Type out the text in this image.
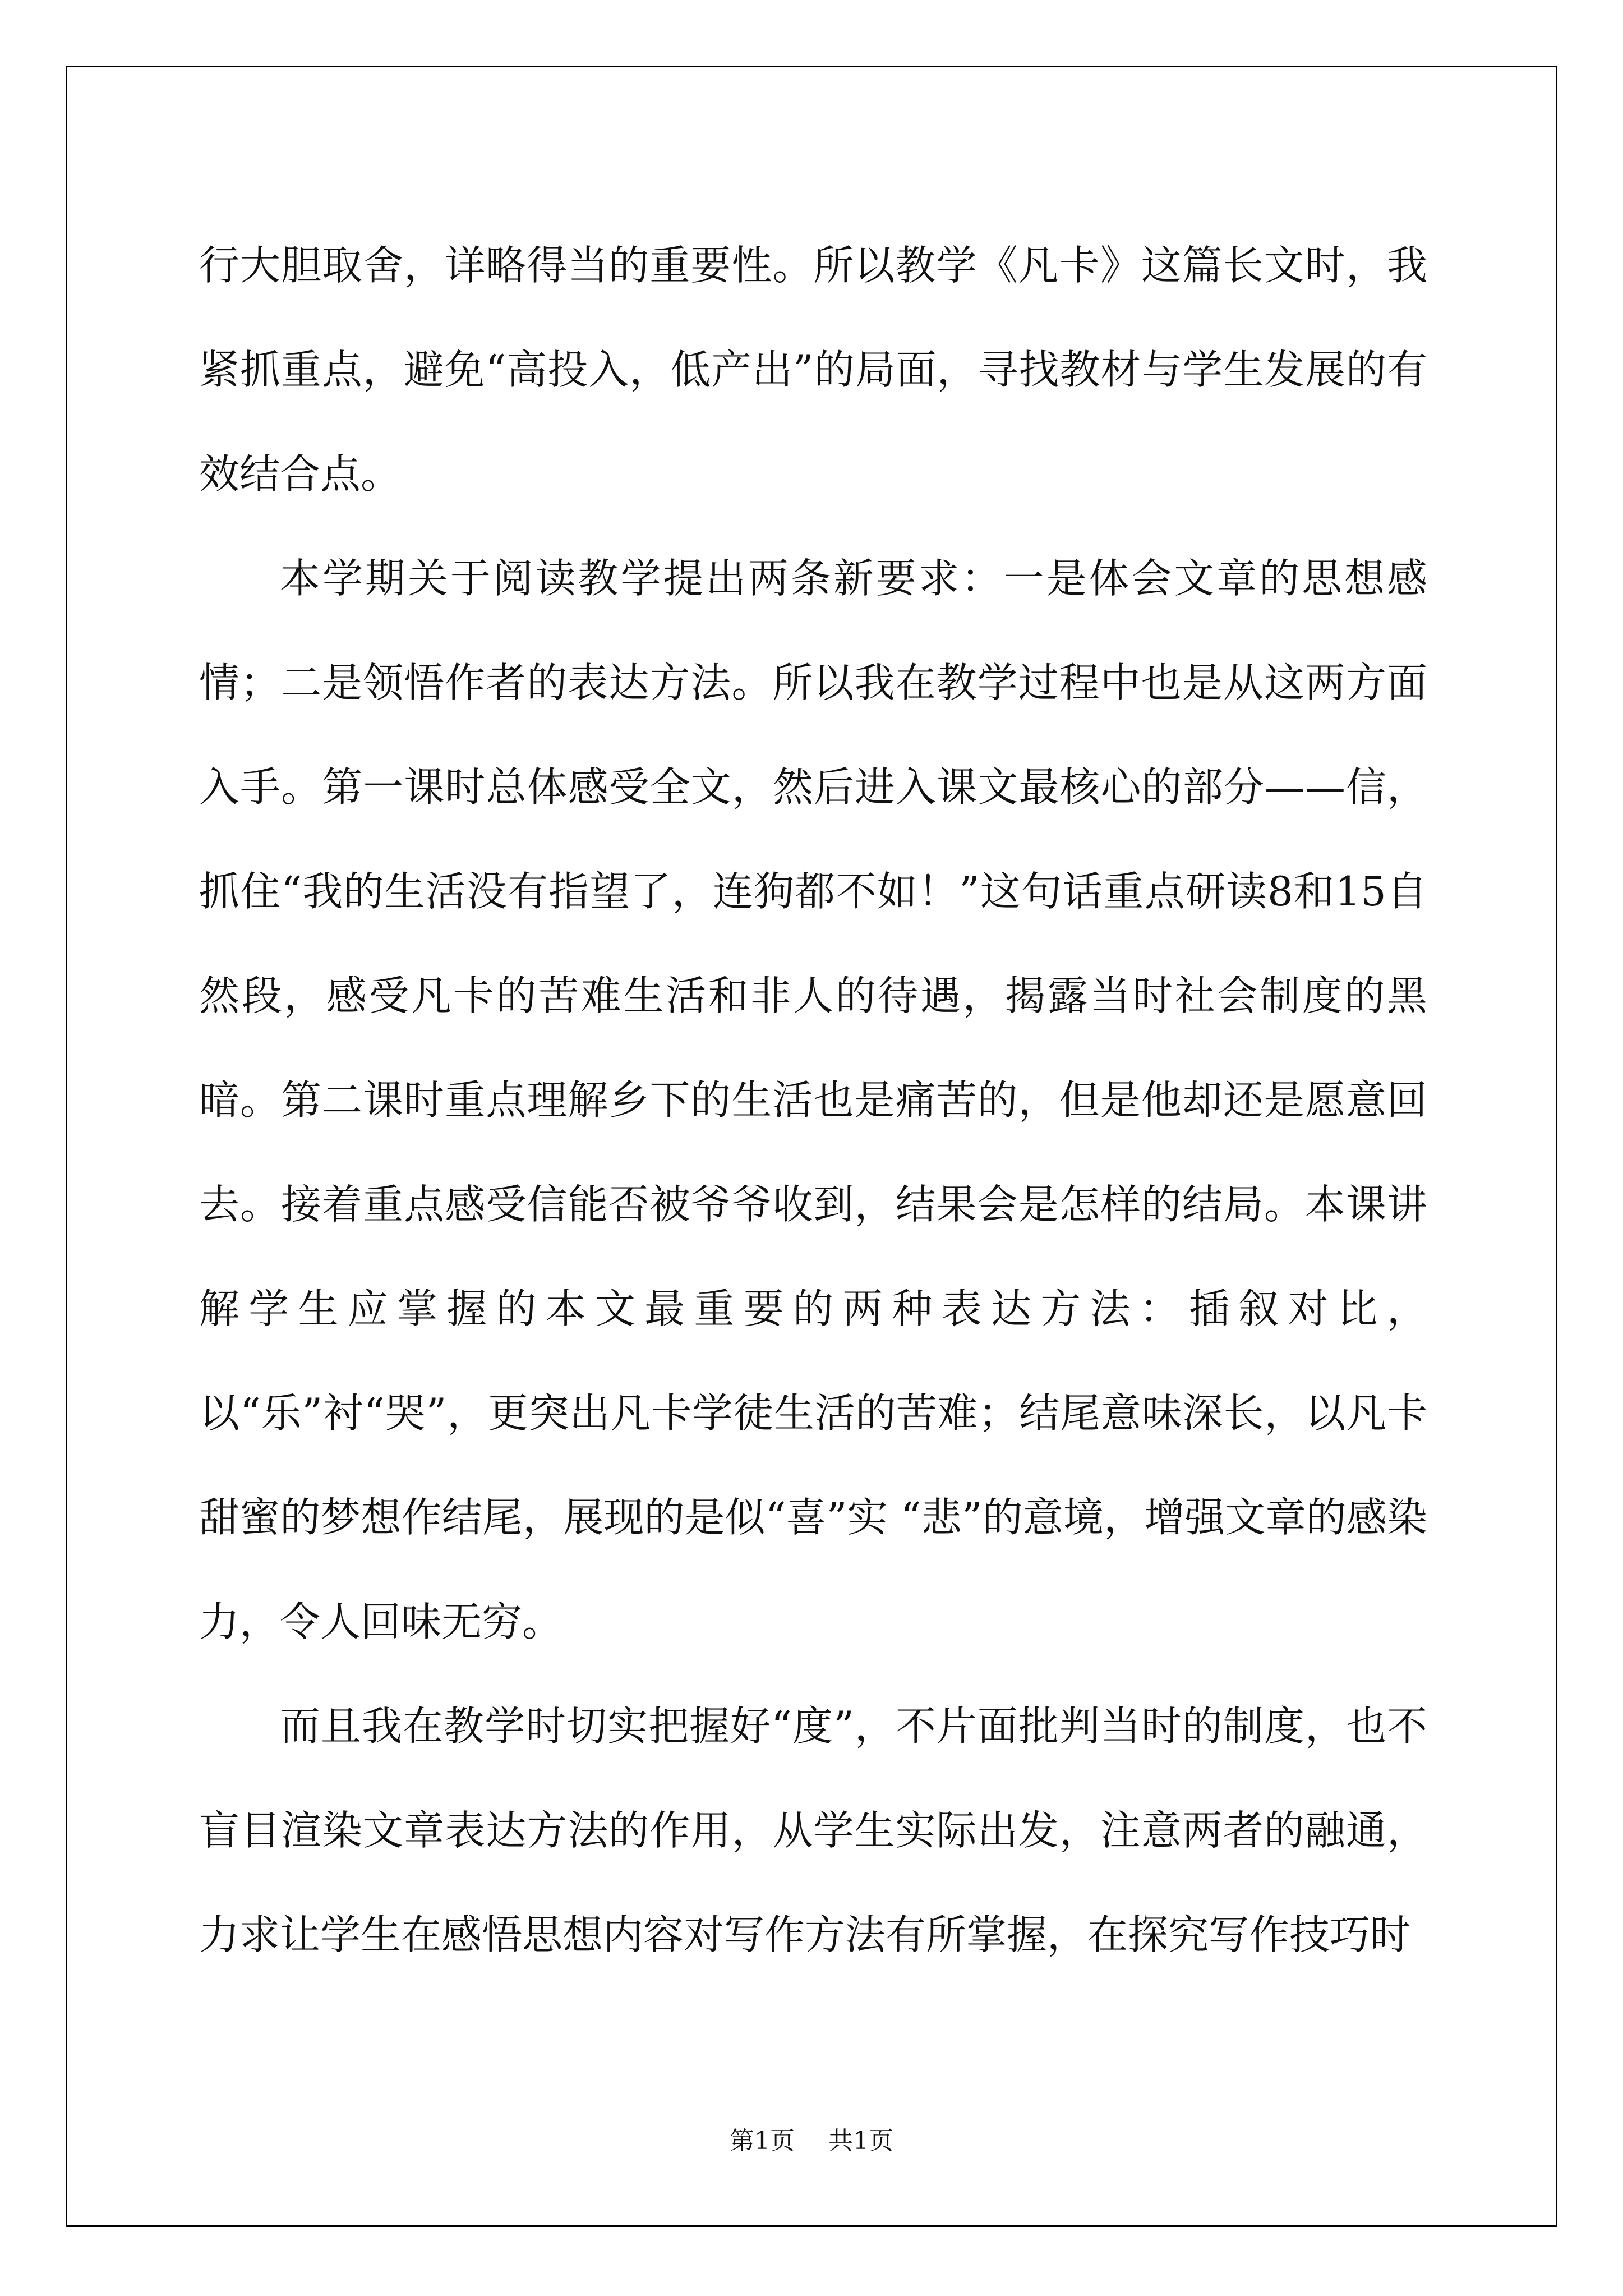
行大胆取舍，详略得当的重要性。所以教学《凡卡》这篇长文时，我紧抓重点，避免“高投入，低产出”的局面，寻找教材与学生发展的有效结合点。

本学期关于阅读教学提出两条新要求：一是体会文章的思想感情；二是领悟作者的表达方法。所以我在教学过程中也是从这两方面入手。第一课时总体感受全文，然后进入课文最核心的部分——信，抓住“我的生活没有指望了，连狗都不如！”这句话重点研读8和15自然段，感受凡卡的苦难生活和非人的待遇，揭露当时社会制度的黑暗。第二课时重点理解乡下的生活也是痛苦的，但是他却还是愿意回去。接着重点感受信能否被爷爷收到，结果会是怎样的结局。本课讲解学生应掌握的本文最重要的两种表达方法：插叙对比，以“乐”衬“哭”，更突出凡卡学徒生活的苦难；结尾意味深长，以凡卡甜蜜的梦想作结尾，展现的是似“喜”实 “悲”的意境，增强文章的感染力，令人回味无穷。

而且我在教学时切实把握好“度”，不片面批判当时的制度，也不盲目渲染文章表达方法的作用，从学生实际出发，注意两者的融通，力求让学生在感悟思想内容对写作方法有所掌握，在探究写作技巧时

第1页 共1页
